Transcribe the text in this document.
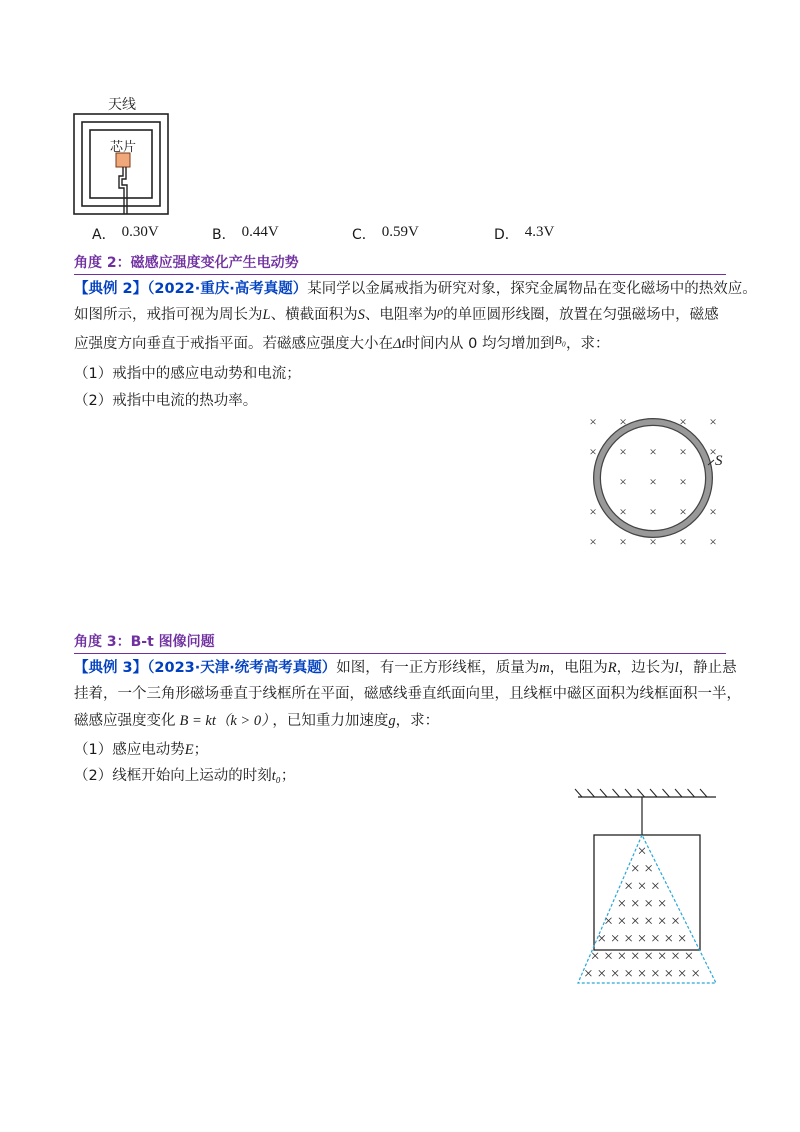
天线
芯片
A． 0.30V	B． 0.44V	C． 0.59V	D． 4.3V
角度 2：磁感应强度变化产生电动势
【典例 2】（2022·重庆·高考真题）某同学以金属戒指为研究对象，探究金属物品在变化磁场中的热效应。
如图所示，戒指可视为周长为L、横截面积为S、电阻率为$^\rho$的单匝圆形线圈，放置在匀强磁场中，磁感
应强度方向垂直于戒指平面。若磁感应强度大小在Δt时间内从 0 均匀增加到$^{B_0}$，求：
（1）戒指中的感应电动势和电流；
（2）戒指中电流的热功率。
× ×	× ×
× × × × ×
× × ×
× × × × ×
× × × × ×
S
角度 3：B-t 图像问题
【典例 3】（2023·天津·统考高考真题）如图，有一正方形线框，质量为m，电阻为R，边长为l，静止悬
挂着，一个三角形磁场垂直于线框所在平面，磁感线垂直纸面向里，且线框中磁区面积为线框面积一半，
磁感应强度变化 B = kt（k > 0） ，已知重力加速度g，求：
（1）感应电动势E；
（2）线框开始向上运动的时刻t₀；
×
× ×
× × ×
× × × ×
× × × × × ×
× × × × × × ×
× × × × × × × ×
× × × × × × × × ×
